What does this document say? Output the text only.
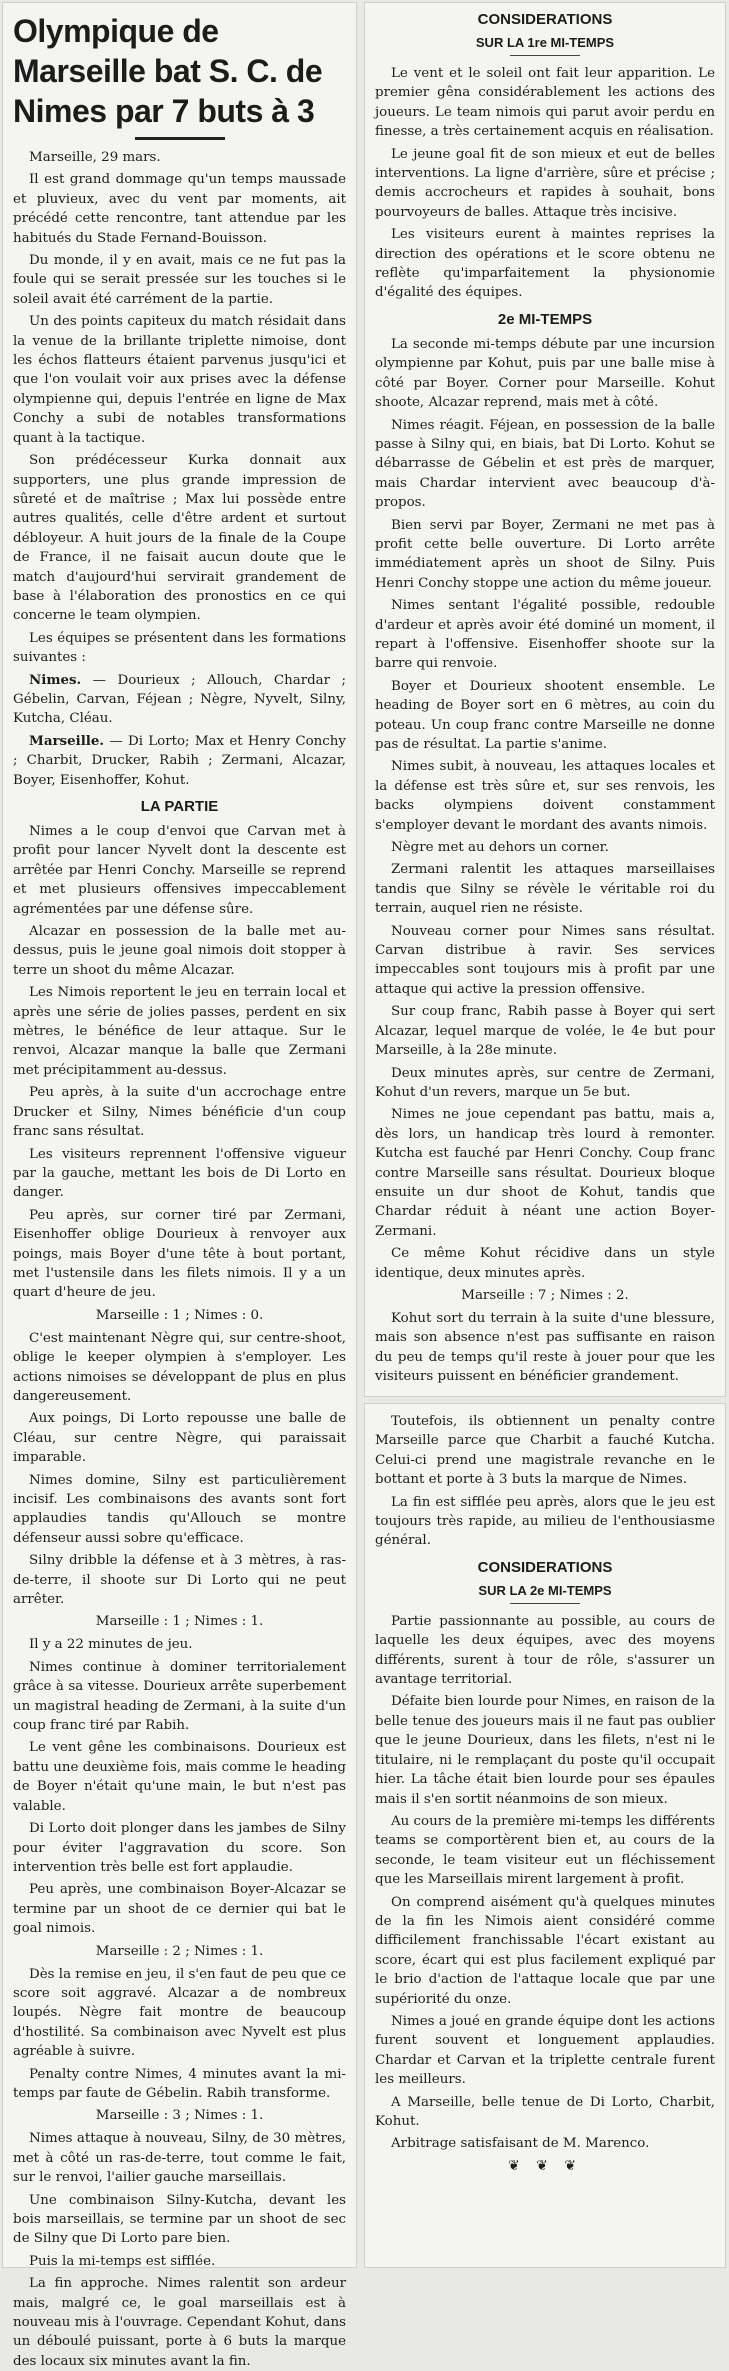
Olympique de Marseille bat S. C. de Nimes par 7 buts à 3

Marseille, 29 mars.

Il est grand dommage qu'un temps maussade et pluvieux, avec du vent par moments, ait précédé cette rencontre, tant attendue par les habitués du Stade Fernand-Bouisson.

Du monde, il y en avait, mais ce ne fut pas la foule qui se serait pressée sur les touches si le soleil avait été carrément de la partie.

Un des points capiteux du match résidait dans la venue de la brillante triplette nimoise, dont les échos flatteurs étaient parvenus jusqu'ici et que l'on voulait voir aux prises avec la défense olympienne qui, depuis l'entrée en ligne de Max Conchy a subi de notables transformations quant à la tactique.

Son prédécesseur Kurka donnait aux supporters, une plus grande impression de sûreté et de maîtrise ; Max lui possède entre autres qualités, celle d'être ardent et surtout débloyeur. A huit jours de la finale de la Coupe de France, il ne faisait aucun doute que le match d'aujourd'hui servirait grandement de base à l'élaboration des pronostics en ce qui concerne le team olympien.

Les équipes se présentent dans les formations suivantes :

Nimes. — Dourieux ; Allouch, Chardar ; Gébelin, Carvan, Féjean ; Nègre, Nyvelt, Silny, Kutcha, Cléau.

Marseille. — Di Lorto; Max et Henry Conchy ; Charbit, Drucker, Rabih ; Zermani, Alcazar, Boyer, Eisenhoffer, Kohut.

LA PARTIE

Nimes a le coup d'envoi que Carvan met à profit pour lancer Nyvelt dont la descente est arrêtée par Henri Conchy. Marseille se reprend et met plusieurs offensives impeccablement agrémentées par une défense sûre.

Alcazar en possession de la balle met au-dessus, puis le jeune goal nimois doit stopper à terre un shoot du même Alcazar.

Les Nimois reportent le jeu en terrain local et après une série de jolies passes, perdent en six mètres, le bénéfice de leur attaque. Sur le renvoi, Alcazar manque la balle que Zermani met précipitamment au-dessus.

Peu après, à la suite d'un accrochage entre Drucker et Silny, Nimes bénéficie d'un coup franc sans résultat.

Les visiteurs reprennent l'offensive vigueur par la gauche, mettant les bois de Di Lorto en danger.

Peu après, sur corner tiré par Zermani, Eisenhoffer oblige Dourieux à renvoyer aux poings, mais Boyer d'une tête à bout portant, met l'ustensile dans les filets nimois. Il y a un quart d'heure de jeu.

Marseille : 1 ; Nimes : 0.

C'est maintenant Nègre qui, sur centre-shoot, oblige le keeper olympien à s'employer. Les actions nimoises se développant de plus en plus dangereusement.

Aux poings, Di Lorto repousse une balle de Cléau, sur centre Nègre, qui paraissait imparable.

Nimes domine, Silny est particulièrement incisif. Les combinaisons des avants sont fort applaudies tandis qu'Allouch se montre défenseur aussi sobre qu'efficace.

Silny dribble la défense et à 3 mètres, à ras-de-terre, il shoote sur Di Lorto qui ne peut arrêter.

Marseille : 1 ; Nimes : 1.

Il y a 22 minutes de jeu.

Nimes continue à dominer territorialement grâce à sa vitesse. Dourieux arrête superbement un magistral heading de Zermani, à la suite d'un coup franc tiré par Rabih.

Le vent gêne les combinaisons. Dourieux est battu une deuxième fois, mais comme le heading de Boyer n'était qu'une main, le but n'est pas valable.

Di Lorto doit plonger dans les jambes de Silny pour éviter l'aggravation du score. Son intervention très belle est fort applaudie.

Peu après, une combinaison Boyer-Alcazar se termine par un shoot de ce dernier qui bat le goal nimois.

Marseille : 2 ; Nimes : 1.

Dès la remise en jeu, il s'en faut de peu que ce score soit aggravé. Alcazar a de nombreux loupés. Nègre fait montre de beaucoup d'hostilité. Sa combinaison avec Nyvelt est plus agréable à suivre.

Penalty contre Nimes, 4 minutes avant la mi-temps par faute de Gébelin. Rabih transforme.

Marseille : 3 ; Nimes : 1.

Nimes attaque à nouveau, Silny, de 30 mètres, met à côté un ras-de-terre, tout comme le fait, sur le renvoi, l'ailier gauche marseillais.

Une combinaison Silny-Kutcha, devant les bois marseillais, se termine par un shoot de sec de Silny que Di Lorto pare bien.

Puis la mi-temps est sifflée.

La fin approche. Nimes ralentit son ardeur mais, malgré ce, le goal marseillais est à nouveau mis à l'ouvrage. Cependant Kohut, dans un déboulé puissant, porte à 6 buts la marque des locaux six minutes avant la fin.

CONSIDERATIONS
SUR LA 1re MI-TEMPS

Le vent et le soleil ont fait leur apparition. Le premier gêna considérablement les actions des joueurs. Le team nimois qui parut avoir perdu en finesse, a très certainement acquis en réalisation.

Le jeune goal fit de son mieux et eut de belles interventions. La ligne d'arrière, sûre et précise ; demis accrocheurs et rapides à souhait, bons pourvoyeurs de balles. Attaque très incisive.

Les visiteurs eurent à maintes reprises la direction des opérations et le score obtenu ne reflète qu'imparfaitement la physionomie d'égalité des équipes.

2e MI-TEMPS

La seconde mi-temps débute par une incursion olympienne par Kohut, puis par une balle mise à côté par Boyer. Corner pour Marseille. Kohut shoote, Alcazar reprend, mais met à côté.

Nimes réagit. Féjean, en possession de la balle passe à Silny qui, en biais, bat Di Lorto. Kohut se débarrasse de Gébelin et est près de marquer, mais Chardar intervient avec beaucoup d'à-propos.

Bien servi par Boyer, Zermani ne met pas à profit cette belle ouverture. Di Lorto arrête immédiatement après un shoot de Silny. Puis Henri Conchy stoppe une action du même joueur.

Nimes sentant l'égalité possible, redouble d'ardeur et après avoir été dominé un moment, il repart à l'offensive. Eisenhoffer shoote sur la barre qui renvoie.

Boyer et Dourieux shootent ensemble. Le heading de Boyer sort en 6 mètres, au coin du poteau. Un coup franc contre Marseille ne donne pas de résultat. La partie s'anime.

Nimes subit, à nouveau, les attaques locales et la défense est très sûre et, sur ses renvois, les backs olympiens doivent constamment s'employer devant le mordant des avants nimois.

Nègre met au dehors un corner.

Zermani ralentit les attaques marseillaises tandis que Silny se révèle le véritable roi du terrain, auquel rien ne résiste.

Nouveau corner pour Nimes sans résultat. Carvan distribue à ravir. Ses services impeccables sont toujours mis à profit par une attaque qui active la pression offensive.

Sur coup franc, Rabih passe à Boyer qui sert Alcazar, lequel marque de volée, le 4e but pour Marseille, à la 28e minute.

Deux minutes après, sur centre de Zermani, Kohut d'un revers, marque un 5e but.

Nimes ne joue cependant pas battu, mais a, dès lors, un handicap très lourd à remonter. Kutcha est fauché par Henri Conchy. Coup franc contre Marseille sans résultat. Dourieux bloque ensuite un dur shoot de Kohut, tandis que Chardar réduit à néant une action Boyer-Zermani.

Ce même Kohut récidive dans un style identique, deux minutes après.

Marseille : 7 ; Nimes : 2.

Kohut sort du terrain à la suite d'une blessure, mais son absence n'est pas suffisante en raison du peu de temps qu'il reste à jouer pour que les visiteurs puissent en bénéficier grandement.

Toutefois, ils obtiennent un penalty contre Marseille parce que Charbit a fauché Kutcha. Celui-ci prend une magistrale revanche en le bottant et porte à 3 buts la marque de Nimes.

La fin est sifflée peu après, alors que le jeu est toujours très rapide, au milieu de l'enthousiasme général.

CONSIDERATIONS
SUR LA 2e MI-TEMPS

Partie passionnante au possible, au cours de laquelle les deux équipes, avec des moyens différents, surent à tour de rôle, s'assurer un avantage territorial.

Défaite bien lourde pour Nimes, en raison de la belle tenue des joueurs mais il ne faut pas oublier que le jeune Dourieux, dans les filets, n'est ni le titulaire, ni le remplaçant du poste qu'il occupait hier. La tâche était bien lourde pour ses épaules mais il s'en sortit néanmoins de son mieux.

Au cours de la première mi-temps les différents teams se comportèrent bien et, au cours de la seconde, le team visiteur eut un fléchissement que les Marseillais mirent largement à profit.

On comprend aisément qu'à quelques minutes de la fin les Nimois aient considéré comme difficilement franchissable l'écart existant au score, écart qui est plus facilement expliqué par le brio d'action de l'attaque locale que par une supériorité du onze.

Nimes a joué en grande équipe dont les actions furent souvent et longuement applaudies. Chardar et Carvan et la triplette centrale furent les meilleurs.

A Marseille, belle tenue de Di Lorto, Charbit, Kohut.

Arbitrage satisfaisant de M. Marenco.

❦ ❦ ❦
